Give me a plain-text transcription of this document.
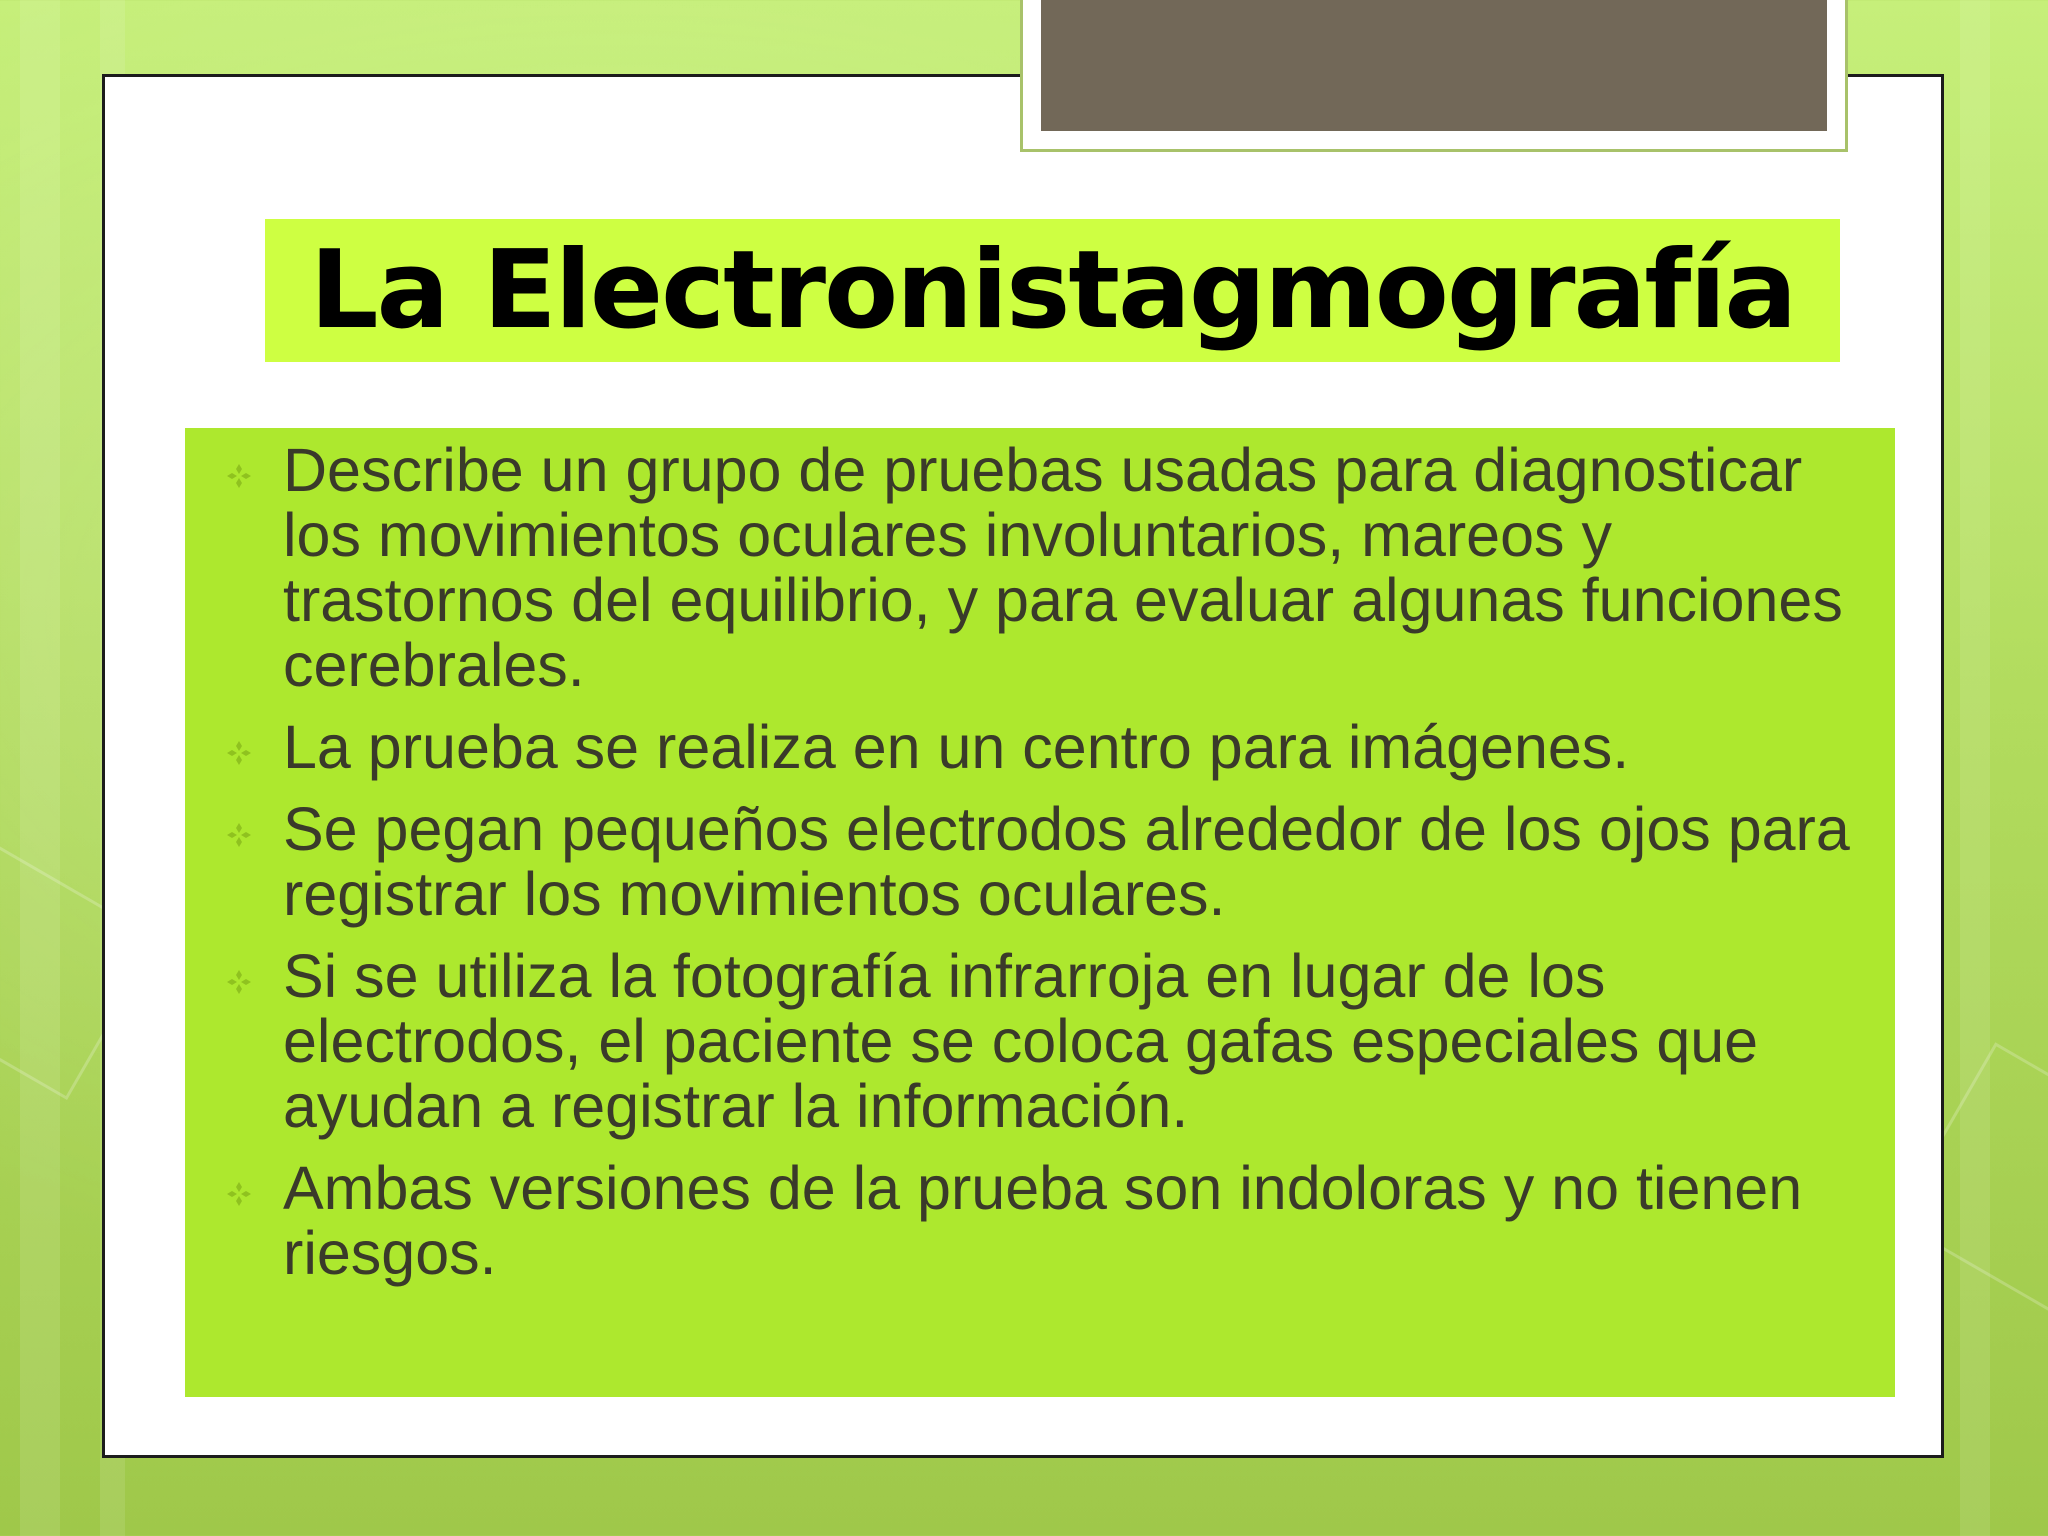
La Electronistagmografía
Describe un grupo de pruebas usadas para diagnosticar los movimientos oculares involuntarios, mareos y trastornos del equilibrio, y para evaluar algunas funciones cerebrales.
La prueba se realiza en un centro para imágenes.
Se pegan pequeños electrodos alrededor de los ojos para registrar los movimientos oculares.
Si se utiliza la fotografía infrarroja en lugar de los electrodos, el paciente se coloca gafas especiales que ayudan a registrar la información.
Ambas versiones de la prueba son indoloras y no tienen riesgos.
